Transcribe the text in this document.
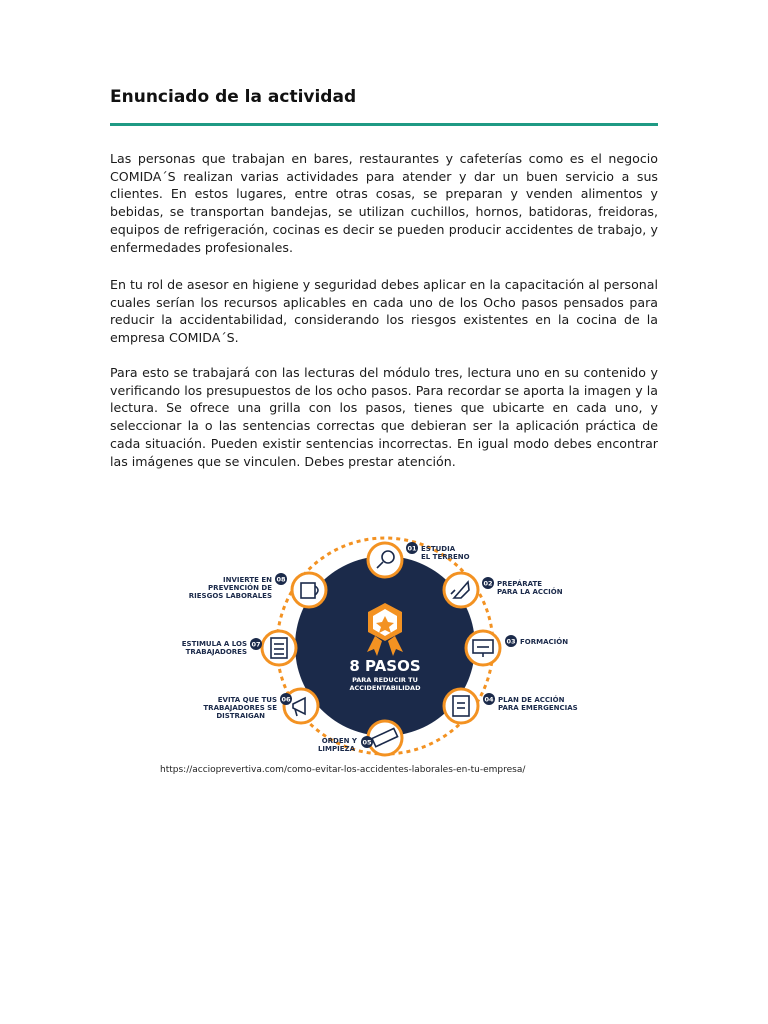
Enunciado de la actividad

Las personas que trabajan en bares, restaurantes y cafeterías como es el negocio COMIDA´S realizan varias actividades para atender y dar un buen servicio a sus clientes. En estos lugares, entre otras cosas, se preparan y venden alimentos y bebidas, se transportan bandejas, se utilizan cuchillos, hornos, batidoras, freidoras, equipos de refrigeración, cocinas es decir se pueden producir accidentes de trabajo, y enfermedades profesionales.

En tu rol de asesor en higiene y seguridad debes aplicar en la capacitación al personal cuales serían los recursos aplicables en cada uno de los Ocho pasos pensados para reducir la accidentabilidad, considerando los riesgos existentes en la cocina de la empresa COMIDA´S.

Para esto se trabajará con las lecturas del módulo tres, lectura uno en su contenido y verificando los presupuestos de los ocho pasos. Para recordar se aporta la imagen y la lectura. Se ofrece una grilla con los pasos, tienes que ubicarte en cada uno, y seleccionar la o las sentencias correctas que debieran ser la aplicación práctica de cada situación. Pueden existir sentencias incorrectas. En igual modo debes encontrar las imágenes que se vinculen. Debes prestar atención.

8 PASOS
PARA REDUCIR TU
ACCIDENTABILIDAD
01 ESTUDIA
EL TERRENO
02 PREPÁRATE
PARA LA ACCIÓN
03 FORMACIÓN
04 PLAN DE ACCIÓN
PARA EMERGENCIAS
05
ORDEN Y
LIMPIEZA
06
EVITA QUE TUS
TRABAJADORES SE
DISTRAIGAN
07
ESTIMULA A LOS
TRABAJADORES
08
INVIERTE EN
PREVENCIÓN DE
RIESGOS LABORALES
https://accioprevertiva.com/como-evitar-los-accidentes-laborales-en-tu-empresa/
